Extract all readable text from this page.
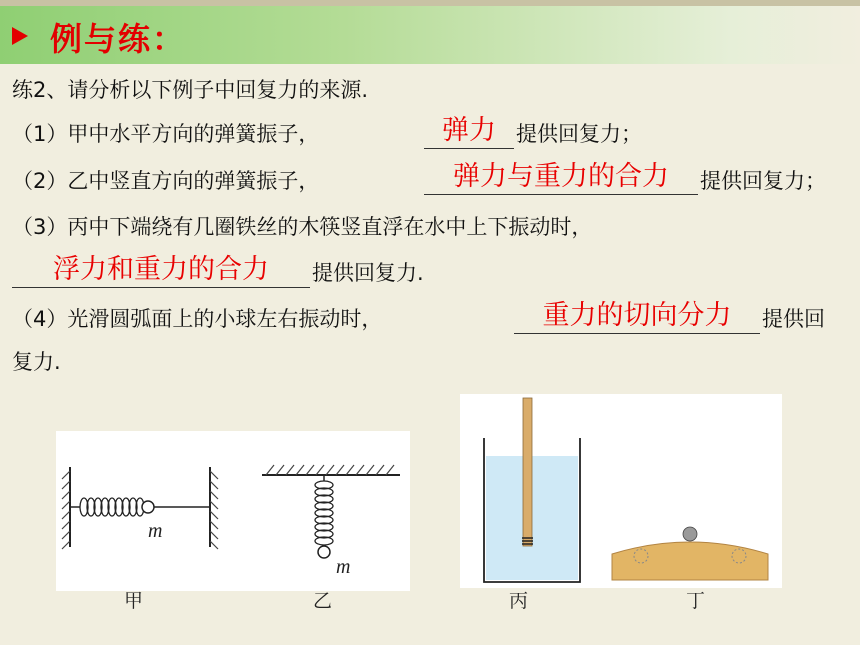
例与练：
练2、请分析以下例子中回复力的来源.
（1）甲中水平方向的弹簧振子，	弹力 提供回复力；
（2）乙中竖直方向的弹簧振子，	弹力与重力的合力	提供回复力；
（3）丙中下端绕有几圈铁丝的木筷竖直浮在水中上下振动时，
浮力和重力的合力	提供回复力.
（4）光滑圆弧面上的小球左右振动时，	重力的切向分力	提供回
复力.
m
m
甲	乙	丙	丁
